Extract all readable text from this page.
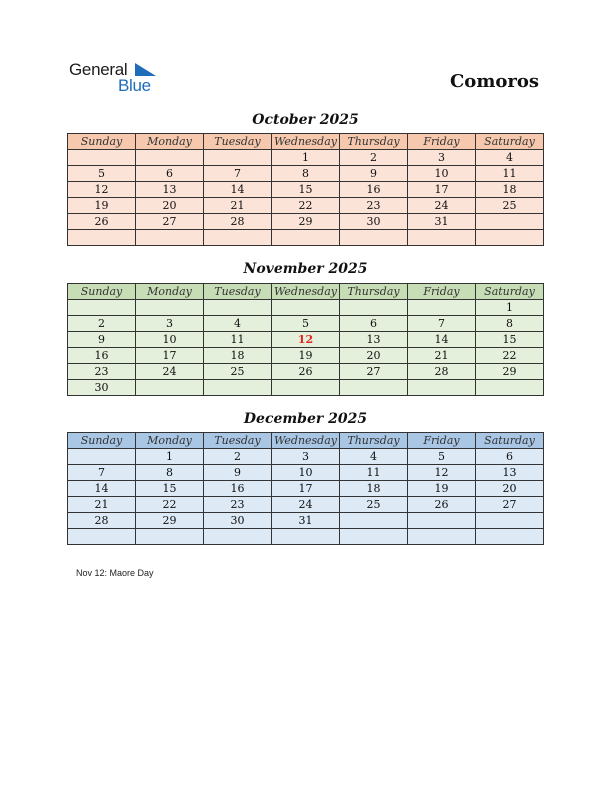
General
Blue	Comoros
October 2025
Sunday	Monday	Tuesday	Wednesday	Thursday	Friday	Saturday
			1	2	3	4
5	6	7	8	9	10	11
12	13	14	15	16	17	18
19	20	21	22	23	24	25
26	27	28	29	30	31	

November 2025
Sunday	Monday	Tuesday	Wednesday	Thursday	Friday	Saturday
						1
2	3	4	5	6	7	8
9	10	11	12	13	14	15
16	17	18	19	20	21	22
23	24	25	26	27	28	29
30						
December 2025
Sunday	Monday	Tuesday	Wednesday	Thursday	Friday	Saturday
	1	2	3	4	5	6
7	8	9	10	11	12	13
14	15	16	17	18	19	20
21	22	23	24	25	26	27
28	29	30	31			

Nov 12: Maore Day
